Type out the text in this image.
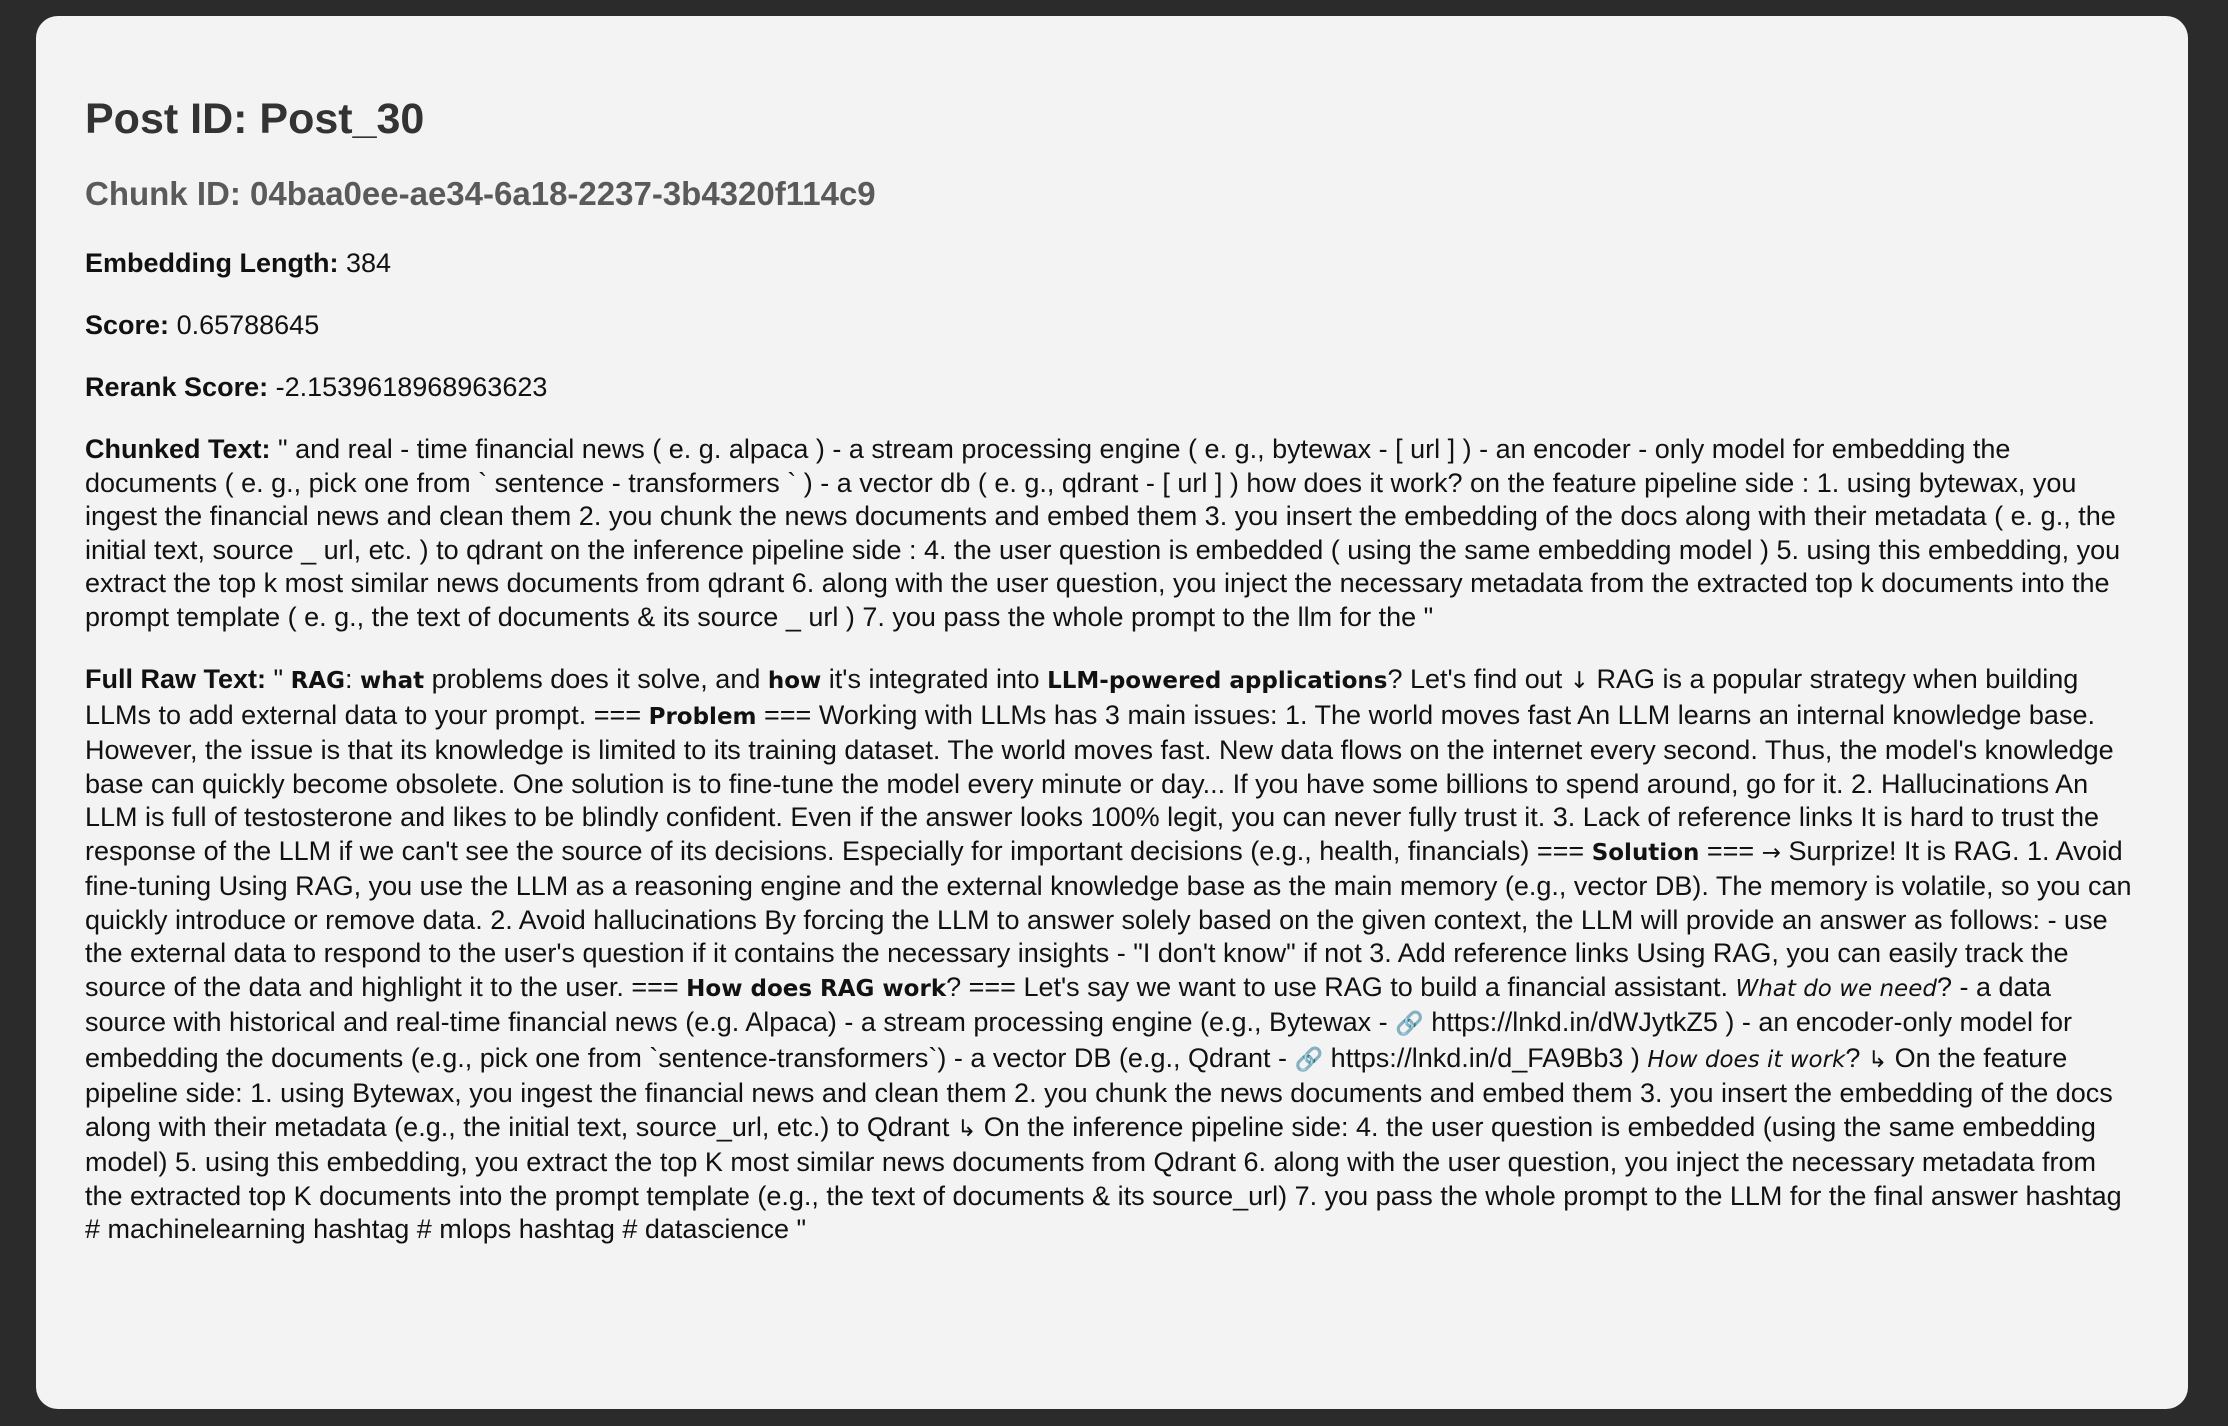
Post ID: Post_30
Chunk ID: 04baa0ee-ae34-6a18-2237-3b4320f114c9

Embedding Length: 384

Score: 0.65788645

Rerank Score: -2.1539618968963623

Chunked Text: " and real - time financial news ( e. g. alpaca ) - a stream processing engine ( e. g., bytewax - [ url ] ) - an encoder - only model for embedding the documents ( e. g., pick one from ` sentence - transformers ` ) - a vector db ( e. g., qdrant - [ url ] ) how does it work? on the feature pipeline side : 1. using bytewax, you ingest the financial news and clean them 2. you chunk the news documents and embed them 3. you insert the embedding of the docs along with their metadata ( e. g., the initial text, source _ url, etc. ) to qdrant on the inference pipeline side : 4. the user question is embedded ( using the same embedding model ) 5. using this embedding, you extract the top k most similar news documents from qdrant 6. along with the user question, you inject the necessary metadata from the extracted top k documents into the prompt template ( e. g., the text of documents & its source _ url ) 7. you pass the whole prompt to the llm for the "

Full Raw Text: " RAG: what problems does it solve, and how it's integrated into LLM-powered applications? Let's find out ↓ RAG is a popular strategy when building LLMs to add external data to your prompt. === Problem === Working with LLMs has 3 main issues: 1. The world moves fast An LLM learns an internal knowledge base. However, the issue is that its knowledge is limited to its training dataset. The world moves fast. New data flows on the internet every second. Thus, the model's knowledge base can quickly become obsolete. One solution is to fine-tune the model every minute or day... If you have some billions to spend around, go for it. 2. Hallucinations An LLM is full of testosterone and likes to be blindly confident. Even if the answer looks 100% legit, you can never fully trust it. 3. Lack of reference links It is hard to trust the response of the LLM if we can't see the source of its decisions. Especially for important decisions (e.g., health, financials) === Solution === → Surprize! It is RAG. 1. Avoid fine-tuning Using RAG, you use the LLM as a reasoning engine and the external knowledge base as the main memory (e.g., vector DB). The memory is volatile, so you can quickly introduce or remove data. 2. Avoid hallucinations By forcing the LLM to answer solely based on the given context, the LLM will provide an answer as follows: - use the external data to respond to the user's question if it contains the necessary insights - "I don't know" if not 3. Add reference links Using RAG, you can easily track the source of the data and highlight it to the user. === How does RAG work? === Let's say we want to use RAG to build a financial assistant. What do we need? - a data source with historical and real-time financial news (e.g. Alpaca) - a stream processing engine (e.g., Bytewax - 🔗 https://lnkd.in/dWJytkZ5 ) - an encoder-only model for embedding the documents (e.g., pick one from `sentence-transformers`) - a vector DB (e.g., Qdrant - 🔗 https://lnkd.in/d_FA9Bb3 ) How does it work? ↳ On the feature pipeline side: 1. using Bytewax, you ingest the financial news and clean them 2. you chunk the news documents and embed them 3. you insert the embedding of the docs along with their metadata (e.g., the initial text, source_url, etc.) to Qdrant ↳ On the inference pipeline side: 4. the user question is embedded (using the same embedding model) 5. using this embedding, you extract the top K most similar news documents from Qdrant 6. along with the user question, you inject the necessary metadata from the extracted top K documents into the prompt template (e.g., the text of documents & its source_url) 7. you pass the whole prompt to the LLM for the final answer hashtag # machinelearning hashtag # mlops hashtag # datascience "
